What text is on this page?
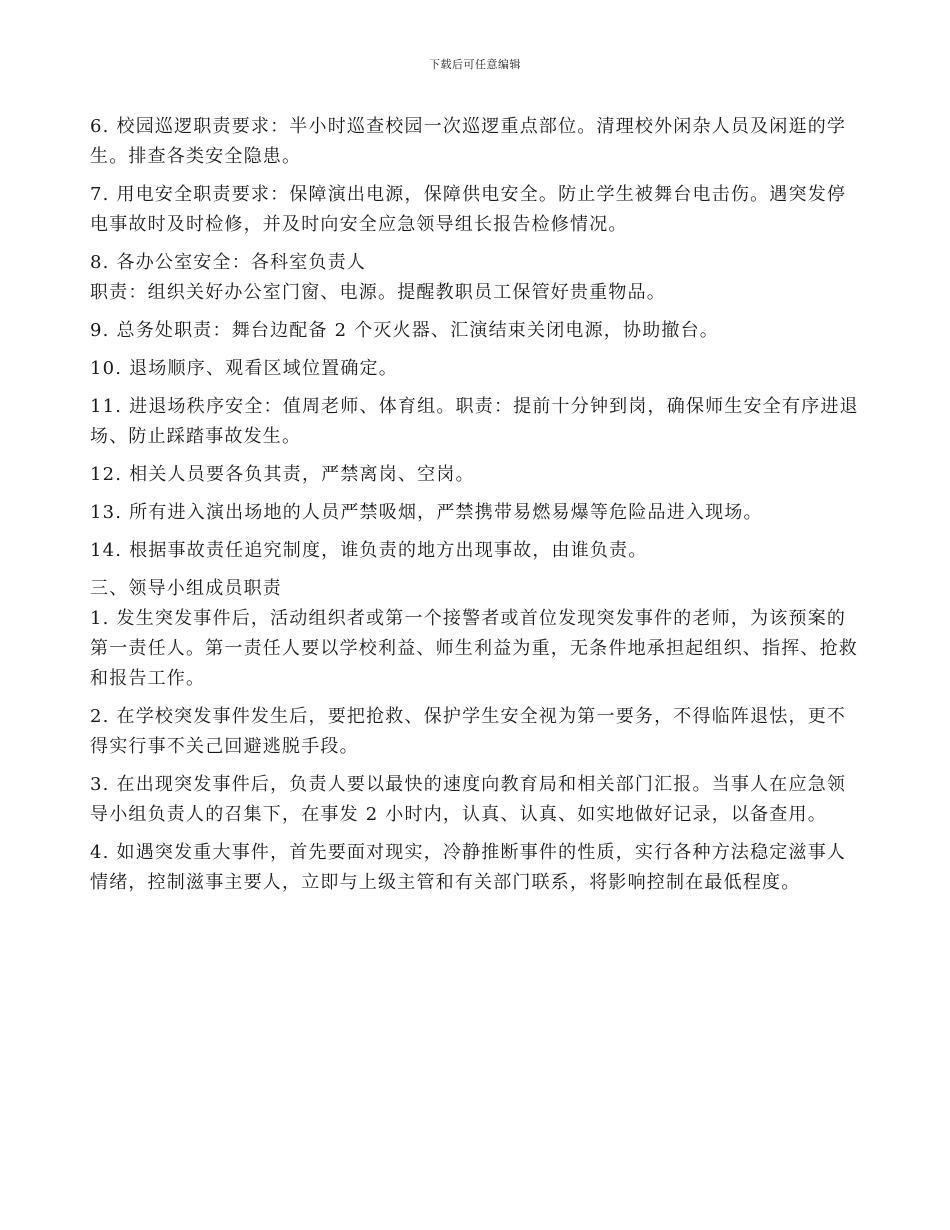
下载后可任意编辑

6. 校园巡逻职责要求：半小时巡查校园一次巡逻重点部位。清理校外闲杂人员及闲逛的学生。排查各类安全隐患。

7. 用电安全职责要求：保障演出电源，保障供电安全。防止学生被舞台电击伤。遇突发停电事故时及时检修，并及时向安全应急领导组长报告检修情况。

8. 各办公室安全：各科室负责人

职责：组织关好办公室门窗、电源。提醒教职员工保管好贵重物品。

9. 总务处职责：舞台边配备 2 个灭火器、汇演结束关闭电源，协助撤台。

10. 退场顺序、观看区域位置确定。

11. 进退场秩序安全：值周老师、体育组。职责：提前十分钟到岗，确保师生安全有序进退场、防止踩踏事故发生。

12. 相关人员要各负其责，严禁离岗、空岗。

13. 所有进入演出场地的人员严禁吸烟，严禁携带易燃易爆等危险品进入现场。

14. 根据事故责任追究制度，谁负责的地方出现事故，由谁负责。

三、领导小组成员职责

1. 发生突发事件后，活动组织者或第一个接警者或首位发现突发事件的老师，为该预案的第一责任人。第一责任人要以学校利益、师生利益为重，无条件地承担起组织、指挥、抢救和报告工作。

2. 在学校突发事件发生后，要把抢救、保护学生安全视为第一要务，不得临阵退怯，更不得实行事不关己回避逃脱手段。

3. 在出现突发事件后，负责人要以最快的速度向教育局和相关部门汇报。当事人在应急领导小组负责人的召集下，在事发 2 小时内，认真、认真、如实地做好记录，以备查用。

4. 如遇突发重大事件，首先要面对现实，冷静推断事件的性质，实行各种方法稳定滋事人情绪，控制滋事主要人，立即与上级主管和有关部门联系，将影响控制在最低程度。
